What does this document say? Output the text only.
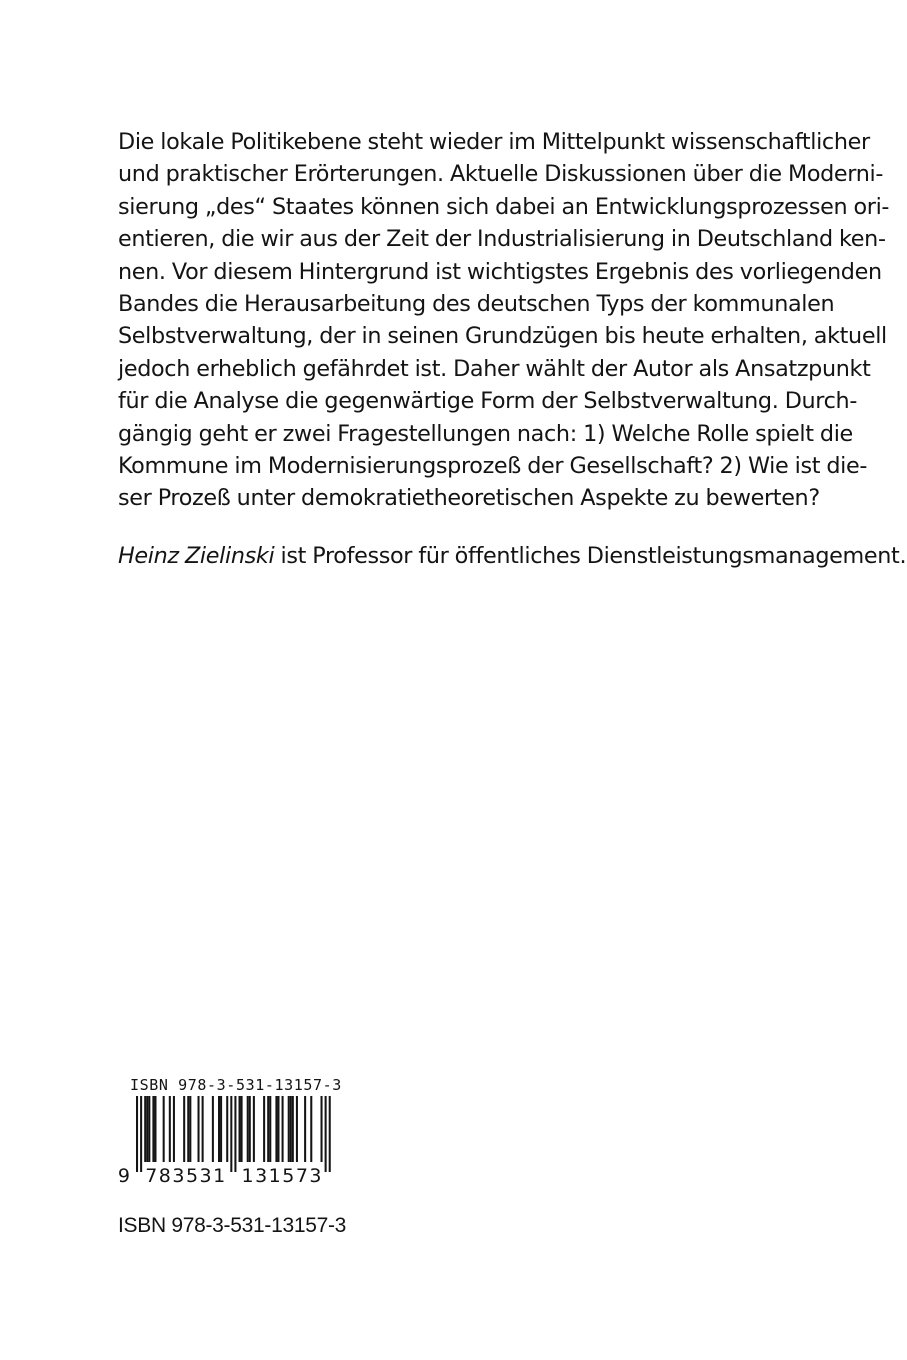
Die lokale Politikebene steht wieder im Mittelpunkt wissenschaftlicher
und praktischer Erörterungen. Aktuelle Diskussionen über die Moderni-
sierung „des“ Staates können sich dabei an Entwicklungsprozessen ori-
entieren, die wir aus der Zeit der Industrialisierung in Deutschland ken-
nen. Vor diesem Hintergrund ist wichtigstes Ergebnis des vorliegenden
Bandes die Herausarbeitung des deutschen Typs der kommunalen
Selbstverwaltung, der in seinen Grundzügen bis heute erhalten, aktuell
jedoch erheblich gefährdet ist. Daher wählt der Autor als Ansatzpunkt
für die Analyse die gegenwärtige Form der Selbstverwaltung. Durch-
gängig geht er zwei Fragestellungen nach: 1) Welche Rolle spielt die
Kommune im Modernisierungsprozeß der Gesellschaft? 2) Wie ist die-
ser Prozeß unter demokratietheoretischen Aspekte zu bewerten?
Heinz Zielinski ist Professor für öffentliches Dienstleistungsmanagement.
ISBN 978-3-531-13157-3
9 783531 131573
ISBN 978-3-531-13157-3
